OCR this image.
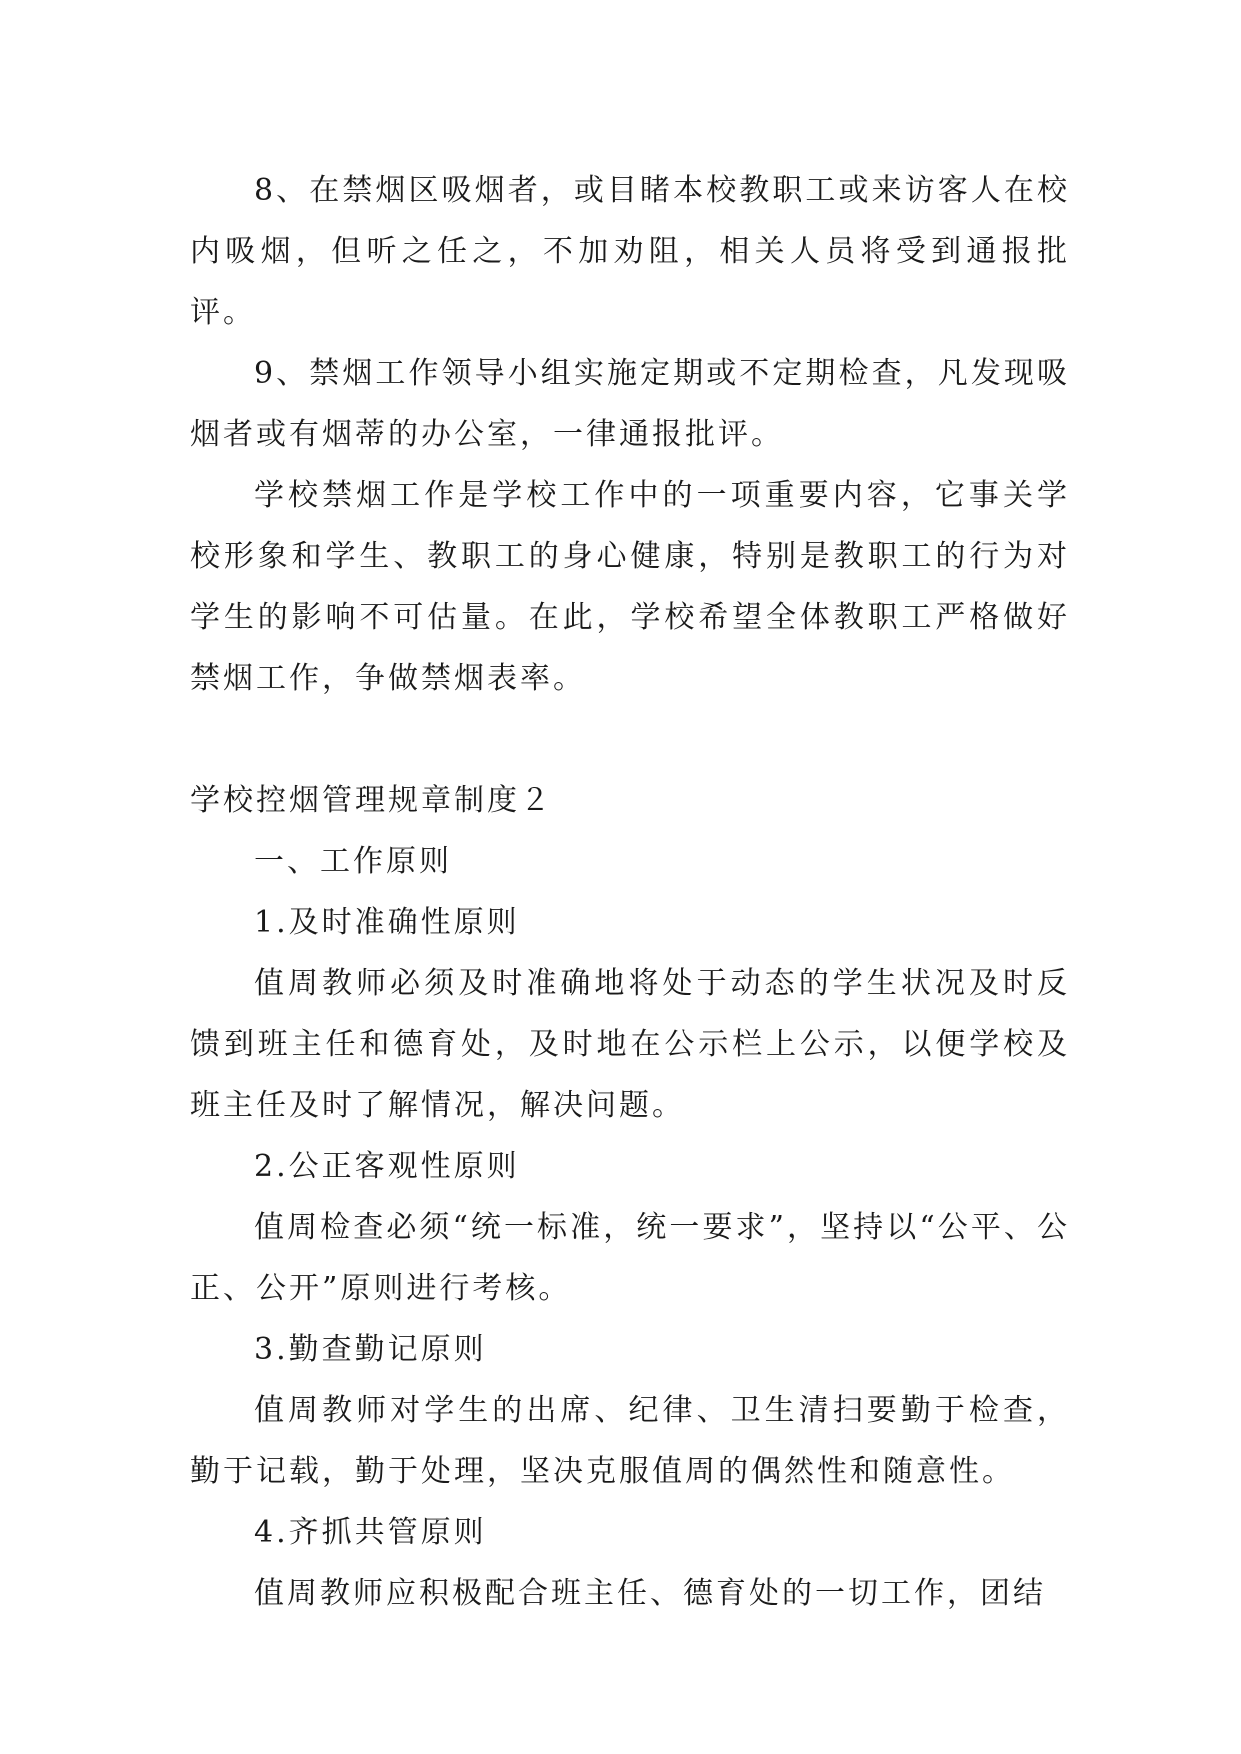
8、在禁烟区吸烟者，或目睹本校教职工或来访客人在校内吸烟，但听之任之，不加劝阻，相关人员将受到通报批评。

9、禁烟工作领导小组实施定期或不定期检查，凡发现吸烟者或有烟蒂的办公室，一律通报批评。

学校禁烟工作是学校工作中的一项重要内容，它事关学校形象和学生、教职工的身心健康，特别是教职工的行为对学生的影响不可估量。在此，学校希望全体教职工严格做好禁烟工作，争做禁烟表率。

学校控烟管理规章制度２

一、工作原则

1.及时准确性原则

值周教师必须及时准确地将处于动态的学生状况及时反馈到班主任和德育处，及时地在公示栏上公示，以便学校及班主任及时了解情况，解决问题。

2.公正客观性原则

值周检查必须“统一标准，统一要求”，坚持以“公平、公正、公开”原则进行考核。

3.勤查勤记原则

值周教师对学生的出席、纪律、卫生清扫要勤于检查，勤于记载，勤于处理，坚决克服值周的偶然性和随意性。

4.齐抓共管原则

值周教师应积极配合班主任、德育处的一切工作，团结
